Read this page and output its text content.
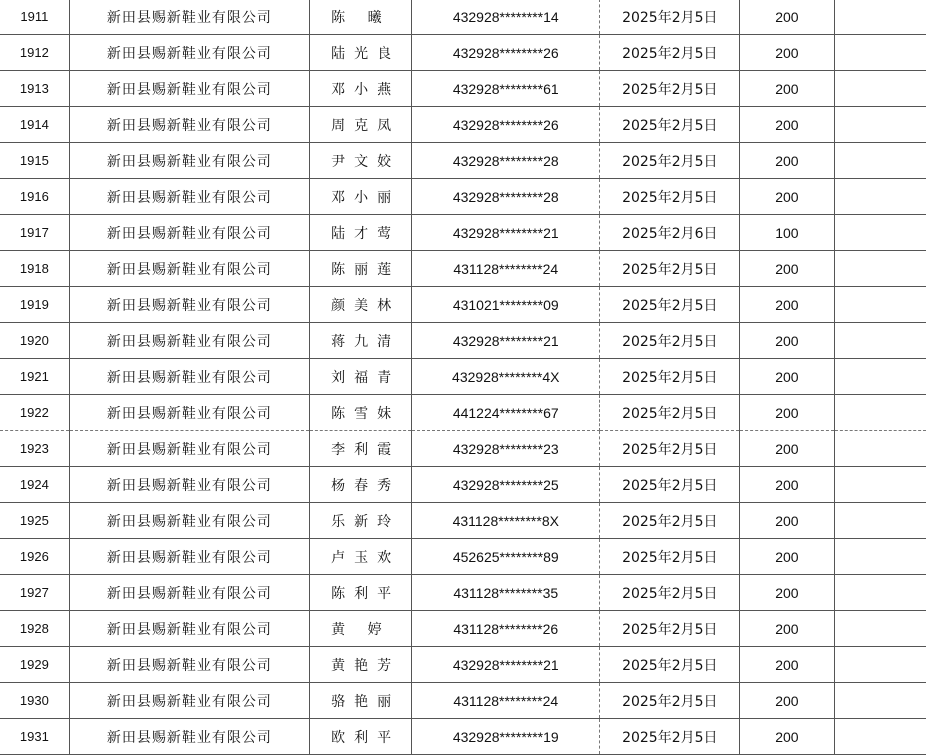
1911	新田县赐新鞋业有限公司	陈 曦	432928********14	2025年2月5日	200	
1912	新田县赐新鞋业有限公司	陆光良	432928********26	2025年2月5日	200	
1913	新田县赐新鞋业有限公司	邓小燕	432928********61	2025年2月5日	200	
1914	新田县赐新鞋业有限公司	周克凤	432928********26	2025年2月5日	200	
1915	新田县赐新鞋业有限公司	尹文姣	432928********28	2025年2月5日	200	
1916	新田县赐新鞋业有限公司	邓小丽	432928********28	2025年2月5日	200	
1917	新田县赐新鞋业有限公司	陆才莺	432928********21	2025年2月6日	100	
1918	新田县赐新鞋业有限公司	陈丽莲	431128********24	2025年2月5日	200	
1919	新田县赐新鞋业有限公司	颜美林	431021********09	2025年2月5日	200	
1920	新田县赐新鞋业有限公司	蒋九清	432928********21	2025年2月5日	200	
1921	新田县赐新鞋业有限公司	刘福青	432928********4X	2025年2月5日	200	
1922	新田县赐新鞋业有限公司	陈雪妹	441224********67	2025年2月5日	200	
1923	新田县赐新鞋业有限公司	李利霞	432928********23	2025年2月5日	200	
1924	新田县赐新鞋业有限公司	杨春秀	432928********25	2025年2月5日	200	
1925	新田县赐新鞋业有限公司	乐新玲	431128********8X	2025年2月5日	200	
1926	新田县赐新鞋业有限公司	卢玉欢	452625********89	2025年2月5日	200	
1927	新田县赐新鞋业有限公司	陈利平	431128********35	2025年2月5日	200	
1928	新田县赐新鞋业有限公司	黄 婷	431128********26	2025年2月5日	200	
1929	新田县赐新鞋业有限公司	黄艳芳	432928********21	2025年2月5日	200	
1930	新田县赐新鞋业有限公司	骆艳丽	431128********24	2025年2月5日	200	
1931	新田县赐新鞋业有限公司	欧利平	432928********19	2025年2月5日	200	
